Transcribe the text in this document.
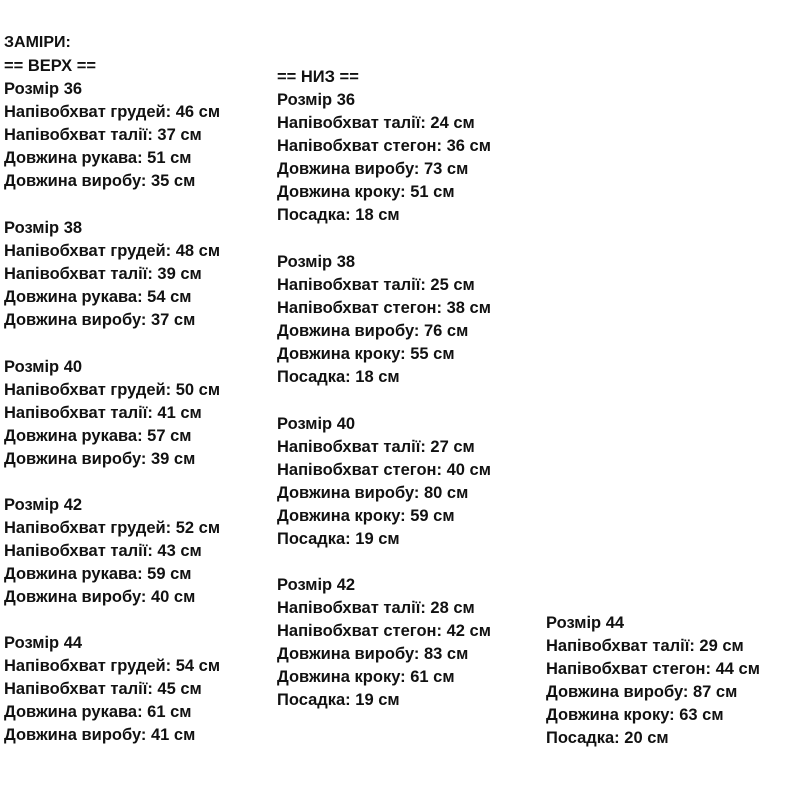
ЗАМІРИ:
== ВЕРХ ==
Розмір 36
Напівобхват грудей: 46 см
Напівобхват талії: 37 см
Довжина рукава: 51 см
Довжина виробу: 35 см
Розмір 38
Напівобхват грудей: 48 см
Напівобхват талії: 39 см
Довжина рукава: 54 см
Довжина виробу: 37 см
Розмір 40
Напівобхват грудей: 50 см
Напівобхват талії: 41 см
Довжина рукава: 57 см
Довжина виробу: 39 см
Розмір 42
Напівобхват грудей: 52 см
Напівобхват талії: 43 см
Довжина рукава: 59 см
Довжина виробу: 40 см
Розмір 44
Напівобхват грудей: 54 см
Напівобхват талії: 45 см
Довжина рукава: 61 см
Довжина виробу: 41 см
== НИЗ ==
Розмір 36
Напівобхват талії: 24 см
Напівобхват стегон: 36 см
Довжина виробу: 73 см
Довжина кроку: 51 см
Посадка: 18 см
Розмір 38
Напівобхват талії: 25 см
Напівобхват стегон: 38 см
Довжина виробу: 76 см
Довжина кроку: 55 см
Посадка: 18 см
Розмір 40
Напівобхват талії: 27 см
Напівобхват стегон: 40 см
Довжина виробу: 80 см
Довжина кроку: 59 см
Посадка: 19 см
Розмір 42
Напівобхват талії: 28 см
Напівобхват стегон: 42 см
Довжина виробу: 83 см
Довжина кроку: 61 см
Посадка: 19 см
Розмір 44
Напівобхват талії: 29 см
Напівобхват стегон: 44 см
Довжина виробу: 87 см
Довжина кроку: 63 см
Посадка: 20 см
